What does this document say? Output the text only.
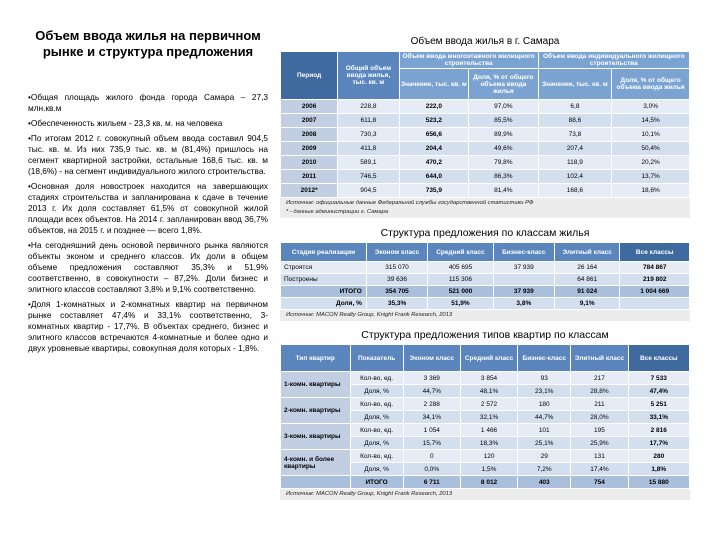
Объем ввода жилья на первичном рынке и структура предложения
•Общая площадь жилого фонда города Самара – 27,3 млн.кв.м
•Обеспеченность жильем - 23,3 кв. м. на человека
•По итогам 2012 г. совокупный объем ввода составил 904,5 тыс. кв. м. Из них 735,9 тыс. кв. м (81,4%) пришлось на сегмент квартирной застройки, остальные 168,6 тыс. кв. м (18,6%) - на сегмент индивидуального жилого строительства.
•Основная доля новостроек находится на завершающих стадиях строительства и запланирована к сдаче в течение 2013 г. Их доля составляет 61,5% от совокупной жилой площади всех объектов. На 2014 г. запланирован ввод 36,7% объектов, на 2015 г. и позднее — всего 1,8%.
•На сегодняшний день основой первичного рынка являются объекты эконом и среднего классов. Их доли в общем объеме предложения составляют 35,3% и 51,9% соответственно, в совокупности – 87,2%. Доли бизнес и элитного классов составляют 3,8% и 9,1% соответственно.
•Доля 1-комнатных и 2-комнатных квартир на первичном рынке составляет 47,4% и 33,1% соответственно, 3-комнатных квартир - 17,7%. В объектах среднего, бизнес и элитного классов встречаются 4-комнатные и более одно и двух уровневые квартиры, совокупная доля которых - 1,8%.
Объем ввода жилья в г. Самара
Период	Общий объем ввода жилья, тыс. кв. м	Объем ввода многоэтажного жилищного строительства		Объем ввода индивидуального жилищного строительства	
		Значение, тыс. кв. м	Доля, % от общего объема ввода жилья	Значение, тыс. кв. м	Доля, % от общего объема ввода жилья
2006	228,8	222,0	97,0%	6,8	3,0%
2007	611,8	523,2	85,5%	88,6	14,5%
2008	730,3	656,6	89,9%	73,8	10,1%
2009	411,8	204,4	49,6%	207,4	50,4%
2010	589,1	470,2	79,8%	118,9	20,2%
2011	746,5	644,0	86,3%	102,4	13,7%
2012*	904,5	735,9	81,4%	168,6	18,6%
Источник: официальные данные Федеральной службы государственной статистики РФ
* - данные администрации г. Самара
Структура предложения по классам жилья
Стадия реализации	Эконом класс	Средний класс	Бизнес-класс	Элитный класс	Все классы
Строятся	315 070	405 695	37 939	26 164	784 867
Построены	39 636	115 306		64 861	219 802
ИТОГО	354 705	521 000	37 939	91 024	1 004 669
Доля, %	35,3%	51,9%	3,8%	9,1%	
Источник: MACON Realty Group, Knight Frank Research, 2013
Структура предложения типов квартир по классам
Тип квартир	Показатель	Эконом класс	Средний класс	Бизнес-класс	Элитный класс	Все классы
1-комн. квартиры	Кол-во, ед.	3 369	3 854	93	217	7 533
	Доля, %	44,7%	48,1%	23,1%	28,8%	47,4%
2-комн. квартиры	Кол-во, ед.	2 288	2 572	180	211	5 251
	Доля, %	34,1%	32,1%	44,7%	28,0%	33,1%
3-комн. квартиры	Кол-во, ед.	1 054	1 466	101	195	2 816
	Доля, %	15,7%	18,3%	25,1%	25,9%	17,7%
4-комн. и более квартиры	Кол-во, ед.	0	120	29	131	280
	Доля, %	0,0%	1,5%	7,2%	17,4%	1,8%
	ИТОГО	6 711	8 012	403	754	15 880
Источник: MACON Realty Group, Knight Frank Research, 2013
